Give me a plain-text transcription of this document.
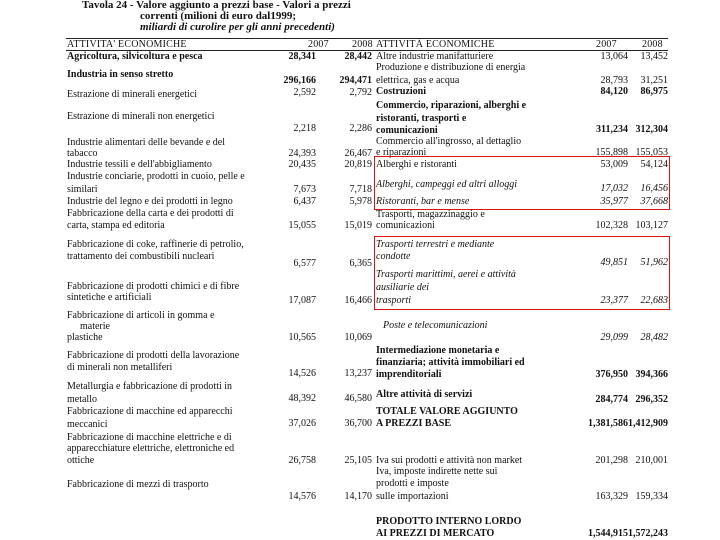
Tavola 24 - Valore aggiunto a prezzi base - Valori a prezzi
correnti (milioni di euro dal1999;
miliardi di curolire per gli anni precedenti)
ATTIVITA' ECONOMICHE	2007 2008 ATTIVITÀ ECONOMICHE	2007	2008
Agricoltura, silvicoltura e pesca	28,341	28,442
Industria in senso stretto
296,166	294,471
Estrazione di minerali energetici	2,592	2,792
Estrazione di minerali non energetici
2,218	2,286
Industrie alimentari delle bevande e del
tabacco	24,393	26,467
Industrie tessili e dell'abbigliamento	20,435	20,819
Industrie conciarie, prodotti in cuoio, pelle e
similari	7,673	7,718
Industrie del legno e dei prodotti in legno	6,437	5,978
Fabbricazione della carta e dei prodotti di
carta, stampa ed editoria	15,055	15,019
Fabbricazione di coke, raffinerie di petrolio,
trattamento dei combustibili nucleari
6,577	6,365
Fabbricazione di prodotti chimici e di fibre
sintetiche e artificiali	17,087	16,466
Fabbricazione di articoli in gomma e
materie
plastiche	10,565	10,069
Fabbricazione di prodotti della lavorazione
di minerali non metalliferi
14,526	13,237
Metallurgia e fabbricazione di prodotti in
metallo	48,392	46,580
Fabbricazione di macchine ed apparecchi
meccanici	37,026	36,700
Fabbricazione di macchine elettriche e di
apparecchiature elettriche, elettroniche ed
ottiche	26,758	25,105
Fabbricazione di mezzi di trasporto
14,576	14,170
Altre industrie manifatturiere	13,064	13,452
Produzione e distribuzione di energia
elettrica, gas e acqua	28,793	31,251
Costruzioni	84,120	86,975
Commercio, riparazioni, alberghi e
ristoranti, trasporti e
comunicazioni	311,234 312,304
Commercio all'ingrosso, al dettaglio
e riparazioni	155,898 155,053
Alberghi e ristoranti	53,009	54,124
Alberghi, campeggi ed altri alloggi	17,032	16,456
Ristoranti, bar e mense	35,977	37,668
Trasporti, magazzinaggio e
comunicazioni	102,328 103,127
Trasporti terrestri e mediante
condotte
49,851	51,962
Trasporti marittimi, aerei e attività
ausiliarie dei
trasporti	23,377	22,683
Poste e telecomunicazioni
29,099	28,482
Intermediazione monetaria e
finanziaria; attività immobiliari ed
imprenditoriali	376,950 394,366
Altre attività di servizi	284,774 296,352
TOTALE VALORE AGGIUNTO
A PREZZI BASE	1,381,586 1,412,909
Iva sui prodotti e attività non market	201,298 210,001
Iva, imposte indirette nette sui
prodotti e imposte
sulle importazioni	163,329 159,334
PRODOTTO INTERNO LORDO
AI PREZZI DI MERCATO	1,544,915 1,572,243
